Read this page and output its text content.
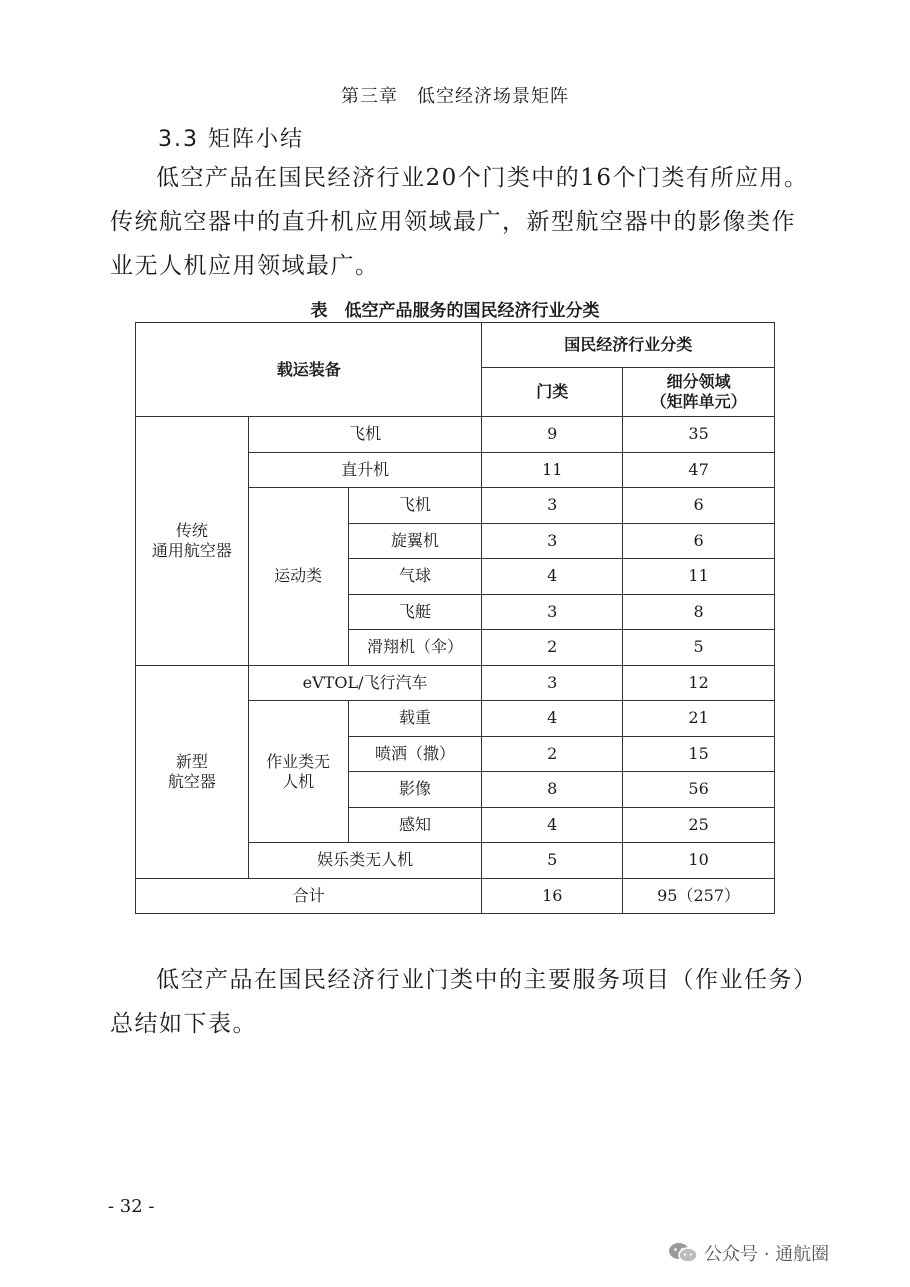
第三章　低空经济场景矩阵
3.3 矩阵小结

低空产品在国民经济行业20个门类中的16个门类有所应用。传统航空器中的直升机应用领域最广，新型航空器中的影像类作业无人机应用领域最广。

表　低空产品服务的国民经济行业分类
载运装备			国民经济行业分类	
			门类	细分领域
（矩阵单元）

传统
通用航空器	飞机		9	35
	直升机		11	47
	运动类	飞机	3	6
		旋翼机	3	6
		气球	4	11
		飞艇	3	8
		滑翔机（伞）	2	5

新型
航空器	eVTOL/飞行汽车		3	12

	作业类无
人机	载重	4	21
		喷洒（撒）	2	15
		影像	8	56
		感知	4	25
	娱乐类无人机		5	10
合计			16	95（257）

低空产品在国民经济行业门类中的主要服务项目（作业任务）总结如下表。

- 32 -
公众号 · 通航圈
